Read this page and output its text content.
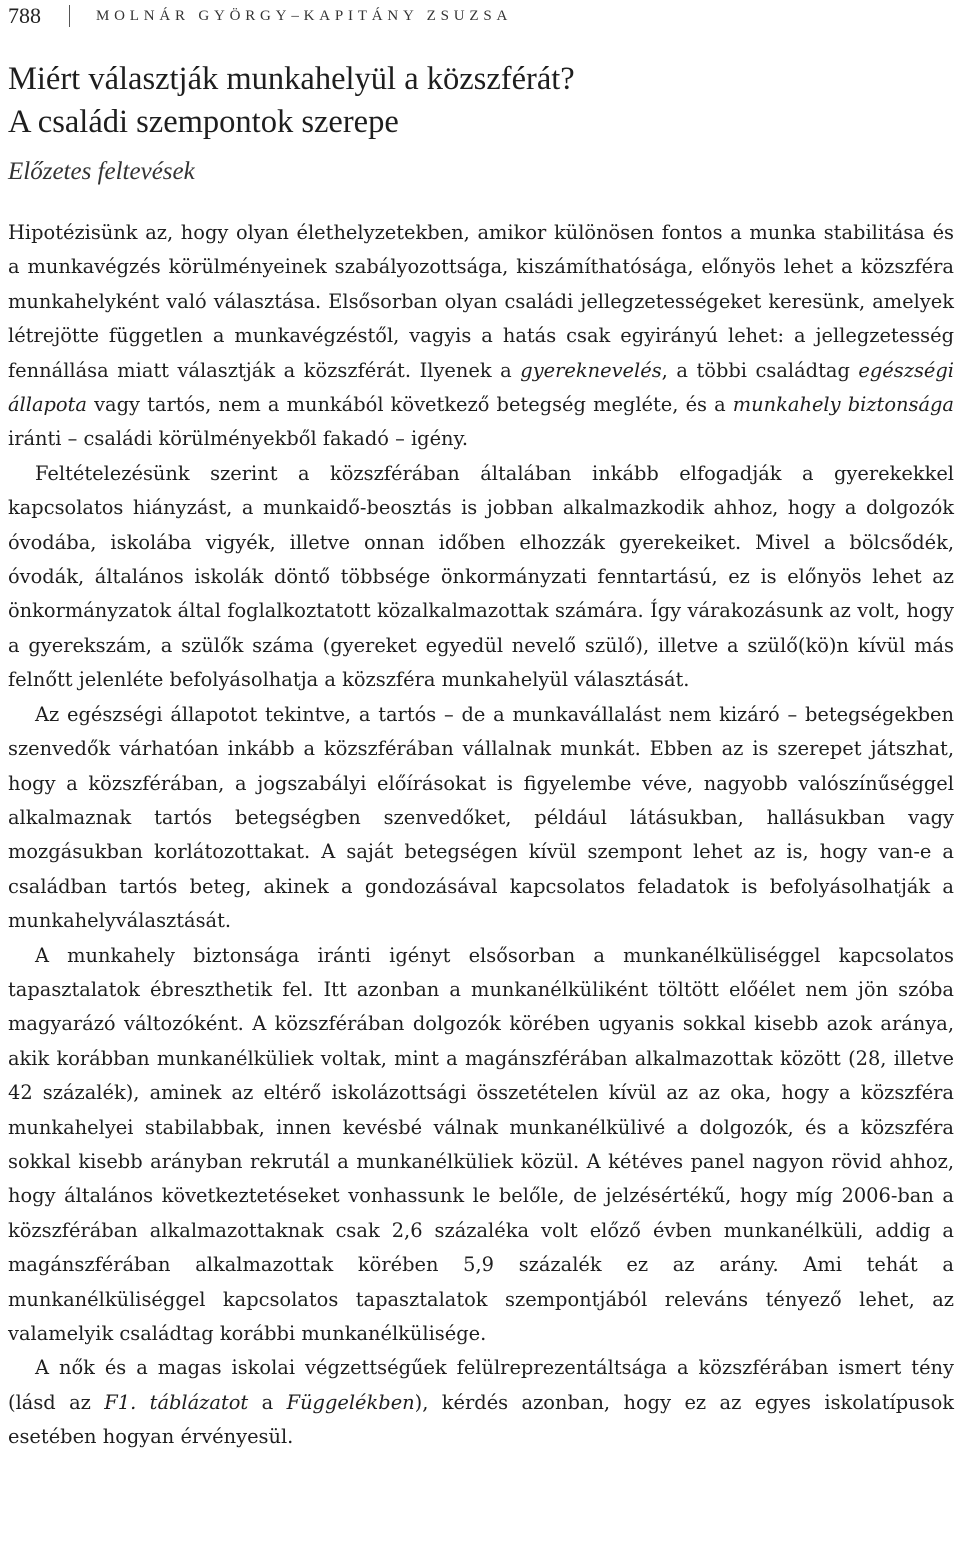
788	MOLNÁR GYÖRGY–KAPITÁNY ZSUZSA
Miért választják munkahelyül a közszférát?
A családi szempontok szerepe
Előzetes feltevések

Hipotézisünk az, hogy olyan élethelyzetekben, amikor különösen fontos a munka stabilitása és a munkavégzés körülményeinek szabályozottsága, kiszámíthatósága, előnyös lehet a közszféra munkahelyként való választása. Elsősorban olyan családi jellegzetességeket keresünk, amelyek létrejötte független a munkavégzéstől, vagyis a hatás csak egyirányú lehet: a jellegzetesség fennállása miatt választják a közszférát. Ilyenek a gyereknevelés, a többi családtag egészségi állapota vagy tartós, nem a munkából következő betegség megléte, és a munkahely biztonsága iránti – családi körülményekből fakadó – igény.

Feltételezésünk szerint a közszférában általában inkább elfogadják a gyerekekkel kapcsolatos hiányzást, a munkaidő-beosztás is jobban alkalmazkodik ahhoz, hogy a dolgozók óvodába, iskolába vigyék, illetve onnan időben elhozzák gyerekeiket. Mivel a bölcsődék, óvodák, általános iskolák döntő többsége önkormányzati fenntartású, ez is előnyös lehet az önkormányzatok által foglalkoztatott közalkalmazottak számára. Így várakozásunk az volt, hogy a gyerekszám, a szülők száma (gyereket egyedül nevelő szülő), illetve a szülő(kö)n kívül más felnőtt jelenléte befolyásolhatja a közszféra munkahelyül választását.

Az egészségi állapotot tekintve, a tartós – de a munkavállalást nem kizáró – betegségekben szenvedők várhatóan inkább a közszférában vállalnak munkát. Ebben az is szerepet játszhat, hogy a közszférában, a jogszabályi előírásokat is figyelembe véve, nagyobb valószínűséggel alkalmaznak tartós betegségben szenvedőket, például látásukban, hallásukban vagy mozgásukban korlátozottakat. A saját betegségen kívül szempont lehet az is, hogy van-e a családban tartós beteg, akinek a gondozásával kapcsolatos feladatok is befolyásolhatják a munkahelyválasztását.

A munkahely biztonsága iránti igényt elsősorban a munkanélküliséggel kapcsolatos tapasztalatok ébreszthetik fel. Itt azonban a munkanélküliként töltött előélet nem jön szóba magyarázó változóként. A közszférában dolgozók körében ugyanis sokkal kisebb azok aránya, akik korábban munkanélküliek voltak, mint a magánszférában alkalmazottak között (28, illetve 42 százalék), aminek az eltérő iskolázottsági összetételen kívül az az oka, hogy a közszféra munkahelyei stabilabbak, innen kevésbé válnak munkanélkülivé a dolgozók, és a közszféra sokkal kisebb arányban rekrutál a munkanélküliek közül. A kétéves panel nagyon rövid ahhoz, hogy általános következtetéseket vonhassunk le belőle, de jelzésértékű, hogy míg 2006-ban a közszférában alkalmazottaknak csak 2,6 százaléka volt előző évben munkanélküli, addig a magánszférában alkalmazottak körében 5,9 százalék ez az arány. Ami tehát a munkanélküliséggel kapcsolatos tapasztalatok szempontjából releváns tényező lehet, az valamelyik családtag korábbi munkanélkülisége.

A nők és a magas iskolai végzettségűek felülreprezentáltsága a közszférában ismert tény (lásd az F1. táblázatot a Függelékben), kérdés azonban, hogy ez az egyes iskolatípusok esetében hogyan érvényesül.
